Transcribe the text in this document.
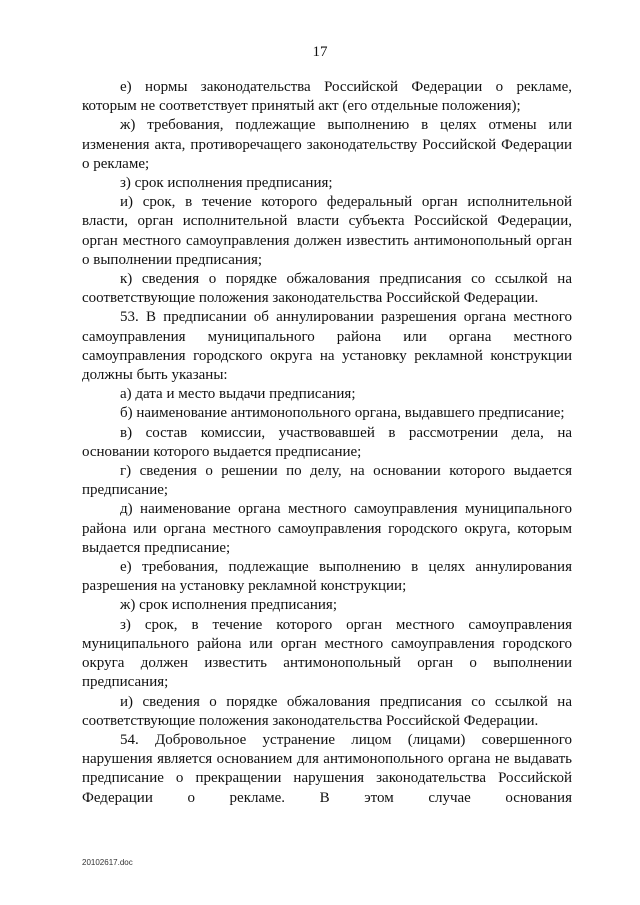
17

е) нормы законодательства Российской Федерации о рекламе, которым не соответствует принятый акт (его отдельные положения);

ж) требования, подлежащие выполнению в целях отмены или изменения акта, противоречащего законодательству Российской Федерации о рекламе;

з) срок исполнения предписания;

и) срок, в течение которого федеральный орган исполнительной власти, орган исполнительной власти субъекта Российской Федерации, орган местного самоуправления должен известить антимонопольный орган о выполнении предписания;

к) сведения о порядке обжалования предписания со ссылкой на соответствующие положения законодательства Российской Федерации.

53. В предписании об аннулировании разрешения органа местного самоуправления муниципального района или органа местного самоуправления городского округа на установку рекламной конструкции должны быть указаны:

а) дата и место выдачи предписания;

б) наименование антимонопольного органа, выдавшего предписание;

в) состав комиссии, участвовавшей в рассмотрении дела, на основании которого выдается предписание;

г) сведения о решении по делу, на основании которого выдается предписание;

д) наименование органа местного самоуправления муниципального района или органа местного самоуправления городского округа, которым выдается предписание;

е) требования, подлежащие выполнению в целях аннулирования разрешения на установку рекламной конструкции;

ж) срок исполнения предписания;

з) срок, в течение которого орган местного самоуправления муниципального района или орган местного самоуправления городского округа должен известить антимонопольный орган о выполнении предписания;

и) сведения о порядке обжалования предписания со ссылкой на соответствующие положения законодательства Российской Федерации.

54. Добровольное устранение лицом (лицами) совершенного нарушения является основанием для антимонопольного органа не выдавать предписание о прекращении нарушения законодательства Российской Федерации о рекламе. В этом случае основания

20102617.doc
